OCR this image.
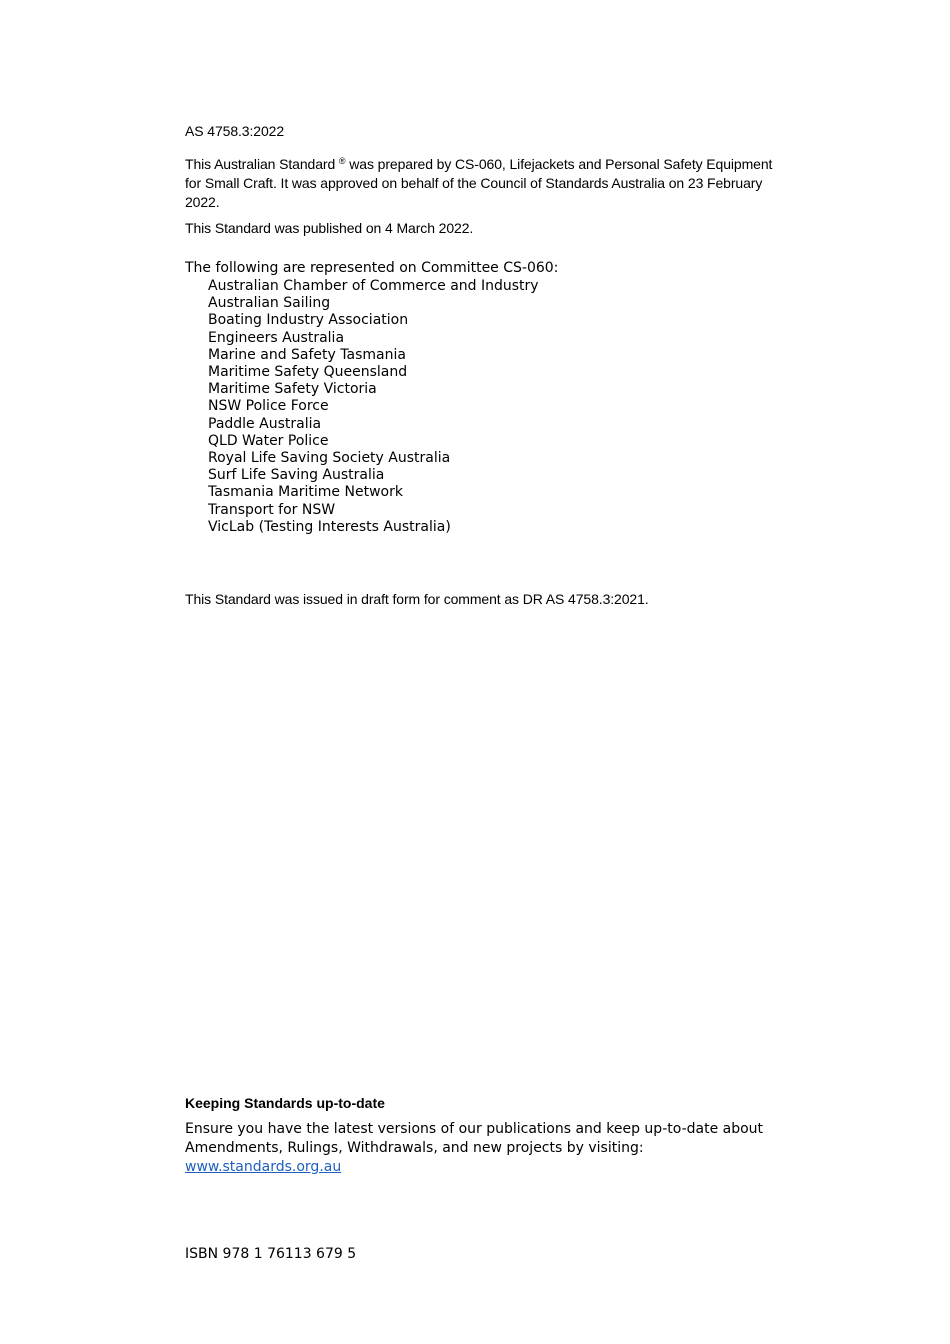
AS 4758.3:2022

This Australian Standard ® was prepared by CS-060, Lifejackets and Personal Safety Equipment for Small Craft. It was approved on behalf of the Council of Standards Australia on 23 February 2022.

This Standard was published on 4 March 2022.

The following are represented on Committee CS-060:

Australian Chamber of Commerce and Industry
Australian Sailing
Boating Industry Association
Engineers Australia
Marine and Safety Tasmania
Maritime Safety Queensland
Maritime Safety Victoria
NSW Police Force
Paddle Australia
QLD Water Police
Royal Life Saving Society Australia
Surf Life Saving Australia
Tasmania Maritime Network
Transport for NSW
VicLab (Testing Interests Australia)

This Standard was issued in draft form for comment as DR AS 4758.3:2021.

Keeping Standards up-to-date

Ensure you have the latest versions of our publications and keep up-to-date about Amendments, Rulings, Withdrawals, and new projects by visiting:

www.standards.org.au

ISBN 978 1 76113 679 5
